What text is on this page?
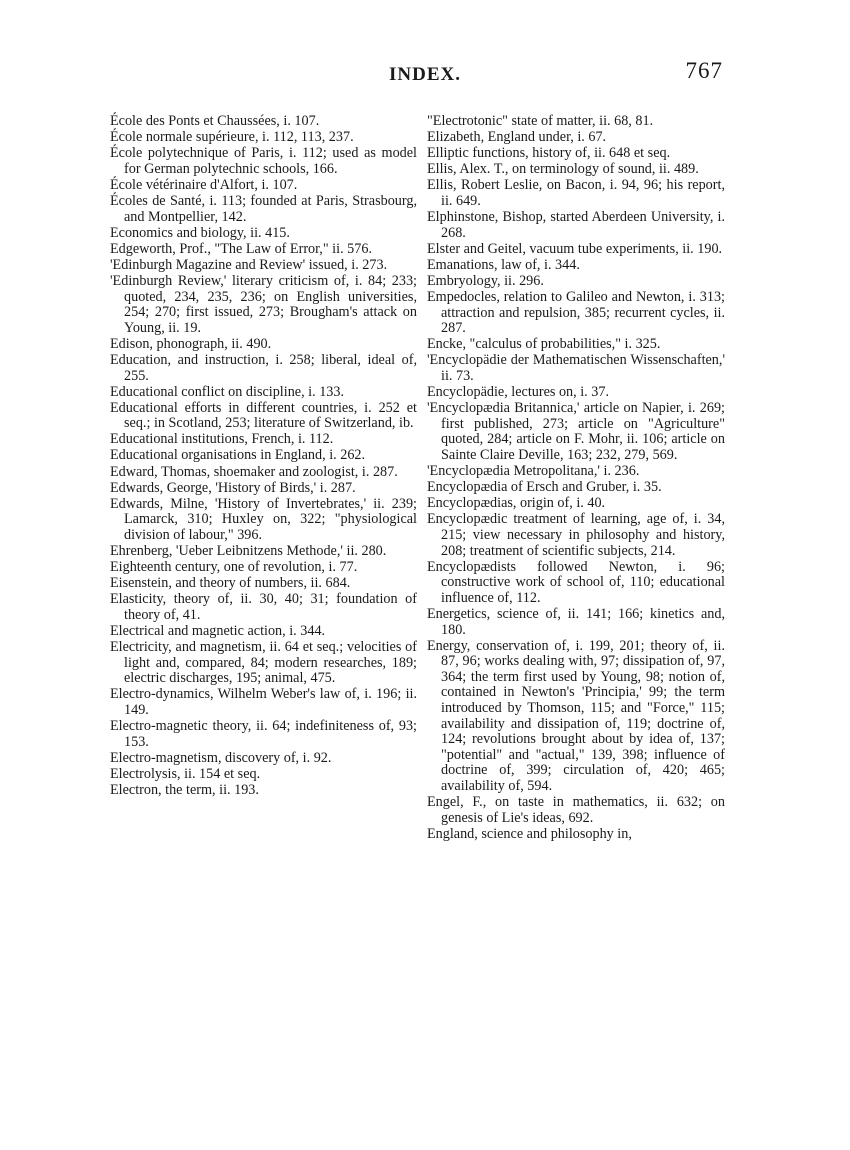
INDEX.	767
École des Ponts et Chaussées, i. 107.
École normale supérieure, i. 112, 113, 237.
École polytechnique of Paris, i. 112; used as model for German polytechnic schools, 166.
École vétérinaire d'Alfort, i. 107.
Écoles de Santé, i. 113; founded at Paris, Strasbourg, and Montpellier, 142.
Economics and biology, ii. 415.
Edgeworth, Prof., "The Law of Error," ii. 576.
'Edinburgh Magazine and Review' issued, i. 273.
'Edinburgh Review,' literary criticism of, i. 84; 233; quoted, 234, 235, 236; on English universities, 254; 270; first issued, 273; Brougham's attack on Young, ii. 19.
Edison, phonograph, ii. 490.
Education, and instruction, i. 258; liberal, ideal of, 255.
Educational conflict on discipline, i. 133.
Educational efforts in different countries, i. 252 et seq.; in Scotland, 253; literature of Switzerland, ib.
Educational institutions, French, i. 112.
Educational organisations in England, i. 262.
Edward, Thomas, shoemaker and zoologist, i. 287.
Edwards, George, 'History of Birds,' i. 287.
Edwards, Milne, 'History of Invertebrates,' ii. 239; Lamarck, 310; Huxley on, 322; "physiological division of labour," 396.
Ehrenberg, 'Ueber Leibnitzens Methode,' ii. 280.
Eighteenth century, one of revolution, i. 77.
Eisenstein, and theory of numbers, ii. 684.
Elasticity, theory of, ii. 30, 40; 31; foundation of theory of, 41.
Electrical and magnetic action, i. 344.
Electricity, and magnetism, ii. 64 et seq.; velocities of light and, compared, 84; modern researches, 189; electric discharges, 195; animal, 475.
Electro-dynamics, Wilhelm Weber's law of, i. 196; ii. 149.
Electro-magnetic theory, ii. 64; indefiniteness of, 93; 153.
Electro-magnetism, discovery of, i. 92.
Electrolysis, ii. 154 et seq.
Electron, the term, ii. 193.
"Electrotonic" state of matter, ii. 68, 81.
Elizabeth, England under, i. 67.
Elliptic functions, history of, ii. 648 et seq.
Ellis, Alex. T., on terminology of sound, ii. 489.
Ellis, Robert Leslie, on Bacon, i. 94, 96; his report, ii. 649.
Elphinstone, Bishop, started Aberdeen University, i. 268.
Elster and Geitel, vacuum tube experiments, ii. 190.
Emanations, law of, i. 344.
Embryology, ii. 296.
Empedocles, relation to Galileo and Newton, i. 313; attraction and repulsion, 385; recurrent cycles, ii. 287.
Encke, "calculus of probabilities," i. 325.
'Encyclopädie der Mathematischen Wissenschaften,' ii. 73.
Encyclopädie, lectures on, i. 37.
'Encyclopædia Britannica,' article on Napier, i. 269; first published, 273; article on "Agriculture" quoted, 284; article on F. Mohr, ii. 106; article on Sainte Claire Deville, 163; 232, 279, 569.
'Encyclopædia Metropolitana,' i. 236.
Encyclopædia of Ersch and Gruber, i. 35.
Encyclopædias, origin of, i. 40.
Encyclopædic treatment of learning, age of, i. 34, 215; view necessary in philosophy and history, 208; treatment of scientific subjects, 214.
Encyclopædists followed Newton, i. 96; constructive work of school of, 110; educational influence of, 112.
Energetics, science of, ii. 141; 166; kinetics and, 180.
Energy, conservation of, i. 199, 201; theory of, ii. 87, 96; works dealing with, 97; dissipation of, 97, 364; the term first used by Young, 98; notion of, contained in Newton's 'Principia,' 99; the term introduced by Thomson, 115; and "Force," 115; availability and dissipation of, 119; doctrine of, 124; revolutions brought about by idea of, 137; "potential" and "actual," 139, 398; influence of doctrine of, 399; circulation of, 420; 465; availability of, 594.
Engel, F., on taste in mathematics, ii. 632; on genesis of Lie's ideas, 692.
England, science and philosophy in,
